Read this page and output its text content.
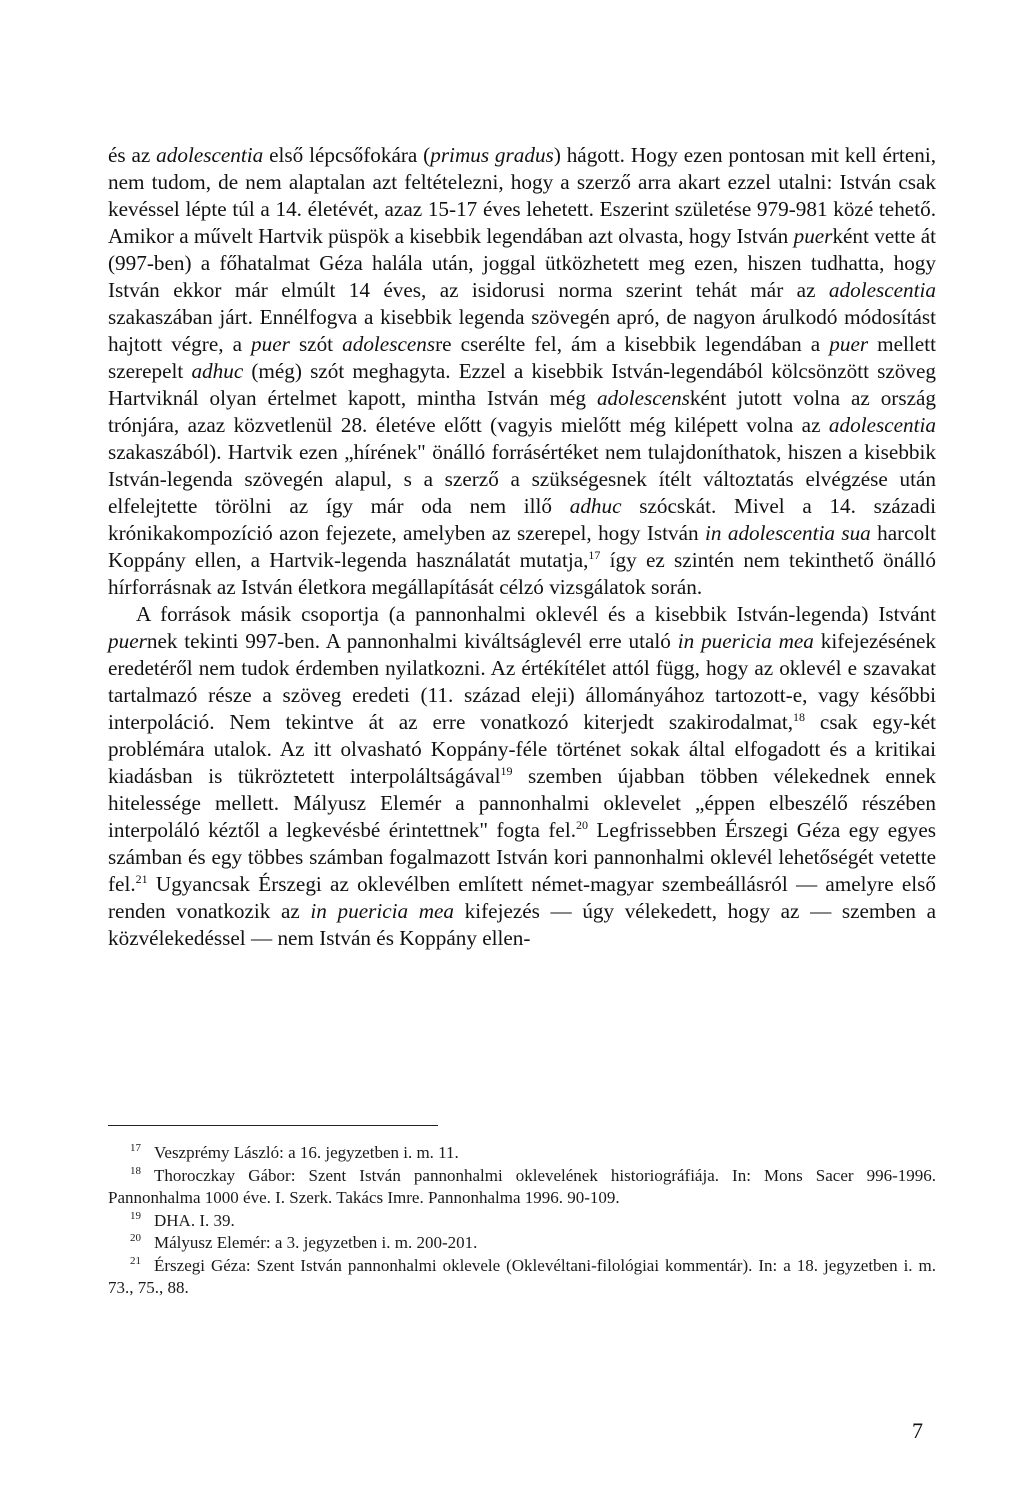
és az adolescentia első lépcsőfokára (primus gradus) hágott. Hogy ezen pontosan mit kell érteni, nem tudom, de nem alaptalan azt feltételezni, hogy a szerző arra akart ezzel utalni: István csak kevéssel lépte túl a 14. életévét, azaz 15-17 éves lehetett. Eszerint születése 979-981 közé tehető. Amikor a művelt Hartvik püspök a kisebbik legendában azt olvasta, hogy István puerként vette át (997-ben) a főhatalmat Géza halála után, joggal ütközhetett meg ezen, hiszen tudhatta, hogy István ekkor már elmúlt 14 éves, az isidorusi norma szerint tehát már az adolescentia szakaszában járt. Ennélfogva a kisebbik legenda szövegén apró, de nagyon árulkodó módosítást hajtott végre, a puer szót adolescensre cserélte fel, ám a kisebbik legendában a puer mellett szerepelt adhuc (még) szót meghagyta. Ezzel a kisebbik István-legendából kölcsönzött szöveg Hartviknál olyan értelmet kapott, mintha István még adolescensként jutott volna az ország trónjára, azaz közvetlenül 28. életéve előtt (vagyis mielőtt még kilépett volna az adolescentia szakaszából). Hartvik ezen „hírének" önálló forrásértéket nem tulajdoníthatok, hiszen a kisebbik István-legenda szövegén alapul, s a szerző a szükségesnek ítélt változtatás elvégzése után elfelejtette törölni az így már oda nem illő adhuc szócskát. Mivel a 14. századi krónikakompozíció azon fejezete, amelyben az szerepel, hogy István in adolescentia sua harcolt Koppány ellen, a Hartvik-legenda használatát mutatja,$^{17}$ így ez szintén nem tekinthető önálló hírforrásnak az István életkora megállapítását célzó vizsgálatok során.

A források másik csoportja (a pannonhalmi oklevél és a kisebbik István-legenda) Istvánt puernek tekinti 997-ben. A pannonhalmi kiváltságlevél erre utaló in puericia mea kifejezésének eredetéről nem tudok érdemben nyilatkozni. Az értékítélet attól függ, hogy az oklevél e szavakat tartalmazó része a szöveg eredeti (11. század eleji) állományához tartozott-e, vagy későbbi interpoláció. Nem tekintve át az erre vonatkozó kiterjedt szakirodalmat,$^{18}$ csak egy-két problémára utalok. Az itt olvasható Koppány-féle történet sokak által elfogadott és a kritikai kiadásban is tükröztetett interpoláltságával$^{19}$ szemben újabban többen vélekednek ennek hitelessége mellett. Mályusz Elemér a pannonhalmi oklevelet „éppen elbeszélő részében interpoláló kéztől a legkevésbé érintettnek" fogta fel.$^{20}$ Legfrissebben Érszegi Géza egy egyes számban és egy többes számban fogalmazott István kori pannonhalmi oklevél lehetőségét vetette fel.$^{21}$ Ugyancsak Érszegi az oklevélben említett német-magyar szembeállásról — amelyre első renden vonatkozik az in puericia mea kifejezés — úgy vélekedett, hogy az — szemben a közvélekedéssel — nem István és Koppány ellen-

17 Veszprémy László: a 16. jegyzetben i. m. 11.

18 Thoroczkay Gábor: Szent István pannonhalmi oklevelének historiográfiája. In: Mons Sacer 996-1996. Pannonhalma 1000 éve. I. Szerk. Takács Imre. Pannonhalma 1996. 90-109.

19 DHA. I. 39.

20 Mályusz Elemér: a 3. jegyzetben i. m. 200-201.

21 Érszegi Géza: Szent István pannonhalmi oklevele (Oklevéltani-filológiai kommentár). In: a 18. jegyzetben i. m. 73., 75., 88.

7
